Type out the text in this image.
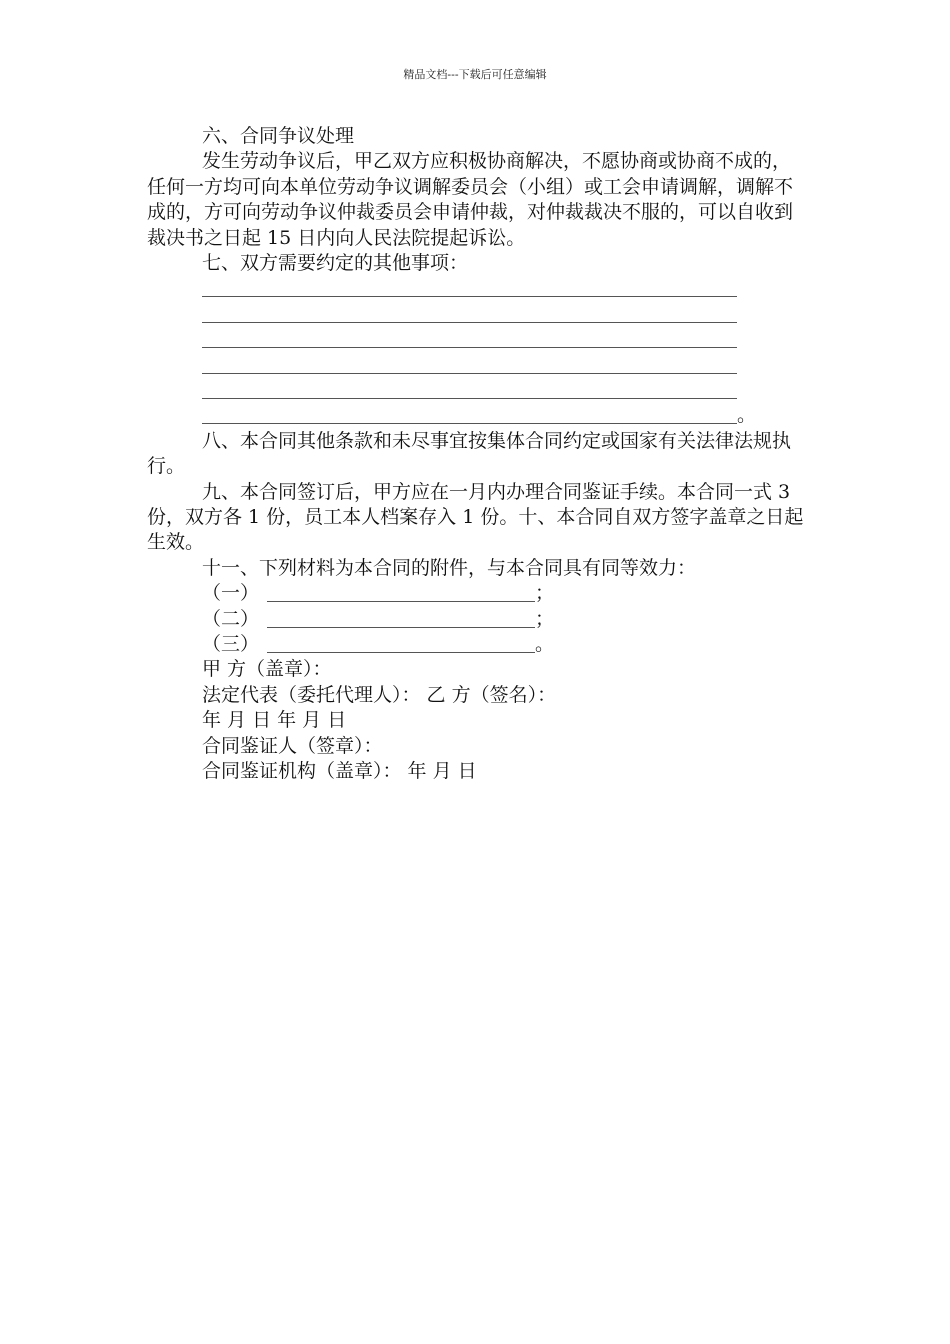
精品文档---下载后可任意编辑

六、合同争议处理

发生劳动争议后，甲乙双方应积极协商解决，不愿协商或协商不成的，任何一方均可向本单位劳动争议调解委员会（小组）或工会申请调解，调解不成的，方可向劳动争议仲裁委员会申请仲裁，对仲裁裁决不服的，可以自收到裁决书之日起 15 日内向人民法院提起诉讼。

七、双方需要约定的其他事项：

。

八、本合同其他条款和未尽事宜按集体合同约定或国家有关法律法规执行。

九、本合同签订后，甲方应在一月内办理合同鉴证手续。本合同一式 3 份，双方各 1 份，员工本人档案存入 1 份。十、本合同自双方签字盖章之日起生效。

十一、下列材料为本合同的附件，与本合同具有同等效力：

（一）	；
（二）	；
（三）	。

甲 方（盖章）：

法定代表（委托代理人）： 乙 方（签名）：

年 月 日 年 月 日

合同鉴证人（签章）：

合同鉴证机构（盖章）： 年 月 日
